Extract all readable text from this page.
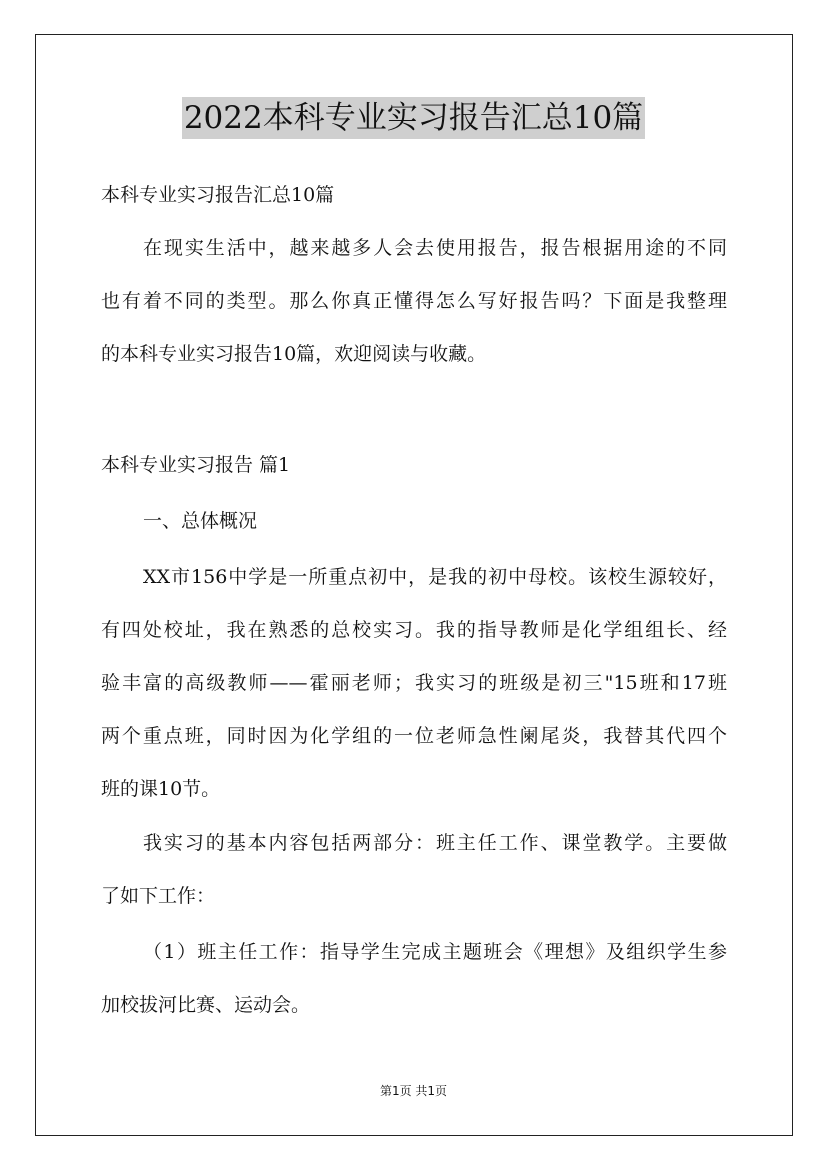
2022本科专业实习报告汇总10篇
本科专业实习报告汇总10篇
在现实生活中，越来越多人会去使用报告，报告根据用途的不同
也有着不同的类型。那么你真正懂得怎么写好报告吗？下面是我整理
的本科专业实习报告10篇，欢迎阅读与收藏。
本科专业实习报告 篇1
一、总体概况
XX市156中学是一所重点初中，是我的初中母校。该校生源较好，
有四处校址，我在熟悉的总校实习。我的指导教师是化学组组长、经
验丰富的高级教师——霍丽老师；我实习的班级是初三"15班和17班
两个重点班，同时因为化学组的一位老师急性阑尾炎，我替其代四个
班的课10节。
我实习的基本内容包括两部分：班主任工作、课堂教学。主要做
了如下工作：
（1）班主任工作：指导学生完成主题班会《理想》及组织学生参
加校拔河比赛、运动会。
第1页 共1页
